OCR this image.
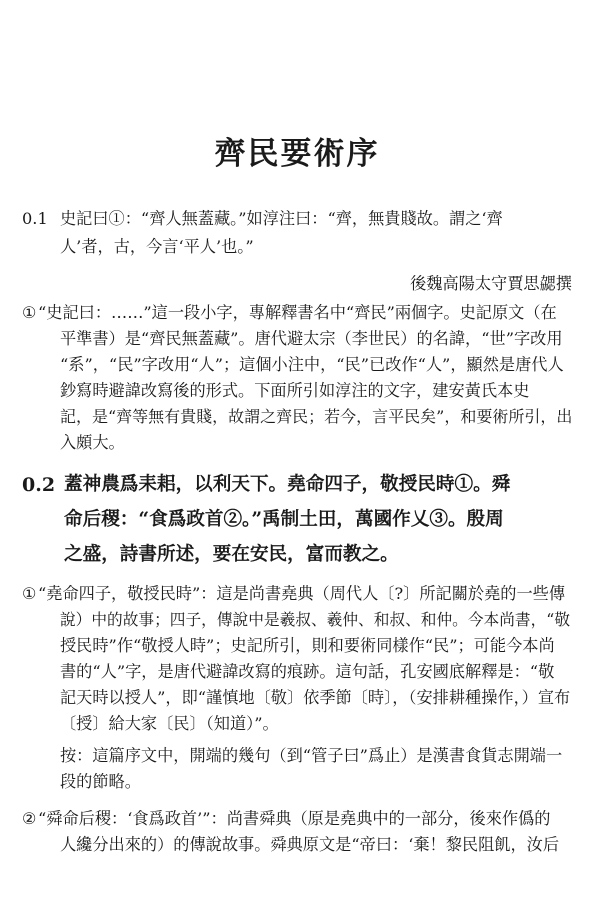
齊民要術序
0.1 史記曰①：“齊人無蓋藏。”如淳注曰：“齊，無貴賤故。謂之‘齊
人’者，古，今言‘平人’也。”
後魏高陽太守賈思勰撰
① “史記曰：……”這一段小字，專解釋書名中“齊民”兩個字。史記原文（在
平準書）是“齊民無蓋藏”。唐代避太宗（李世民）的名諱，“世”字改用
“系”，“民”字改用“人”；這個小注中，“民”已改作“人”，顯然是唐代人
鈔寫時避諱改寫後的形式。下面所引如淳注的文字，建安黃氏本史
記，是“齊等無有貴賤，故謂之齊民；若今，言平民矣”，和要術所引，出
入頗大。
0.2 蓋神農爲耒耜，以利天下。堯命四子，敬授民時①。舜
命后稷：“食爲政首②。”禹制土田，萬國作乂③。殷周
之盛，詩書所述，要在安民，富而教之。
① “堯命四子，敬授民時”：這是尚書堯典（周代人〔?〕所記關於堯的一些傳
說）中的故事；四子，傳說中是羲叔、羲仲、和叔、和仲。今本尚書，“敬
授民時”作“敬授人時”；史記所引，則和要術同樣作“民”；可能今本尚
書的“人”字，是唐代避諱改寫的痕跡。這句話，孔安國底解釋是：“敬
記天時以授人”，即“謹慎地〔敬〕依季節〔時〕，（安排耕種操作，）宣布
〔授〕給大家〔民〕（知道）”。
按：這篇序文中，開端的幾句（到“管子曰”爲止）是漢書食貨志開端一
段的節略。
② “舜命后稷：‘食爲政首’”：尚書舜典（原是堯典中的一部分，後來作僞的
人纔分出來的）的傳說故事。舜典原文是“帝曰：‘棄！黎民阻飢，汝后
